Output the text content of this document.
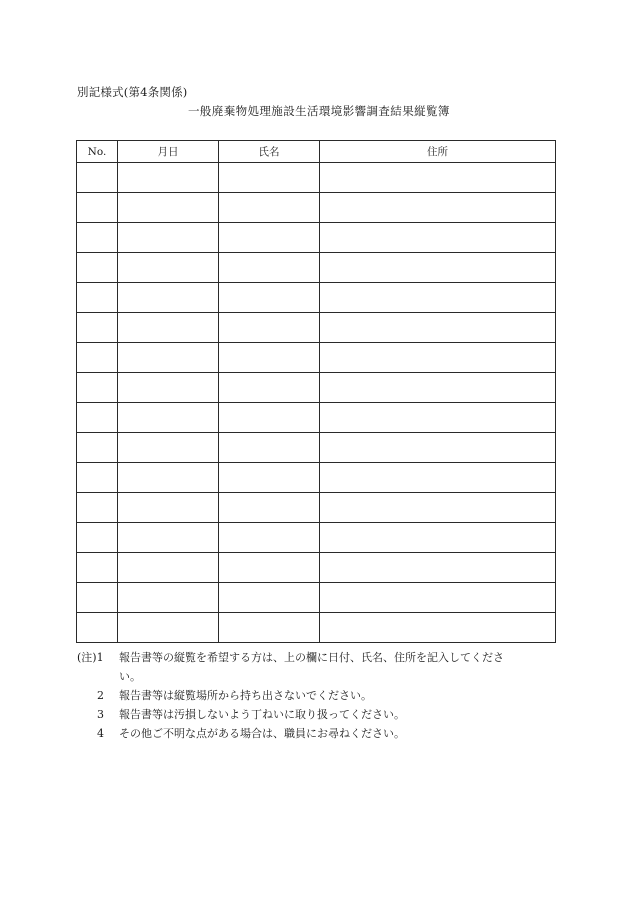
別記様式(第4条関係)
一般廃棄物処理施設生活環境影響調査結果縦覧簿
No.	月日	氏名	住所

(注)1	報告書等の縦覧を希望する方は、上の欄に日付、氏名、住所を記入してくださ
い。
2	報告書等は縦覧場所から持ち出さないでください。
3	報告書等は汚損しないよう丁ねいに取り扱ってください。
4	その他ご不明な点がある場合は、職員にお尋ねください。
